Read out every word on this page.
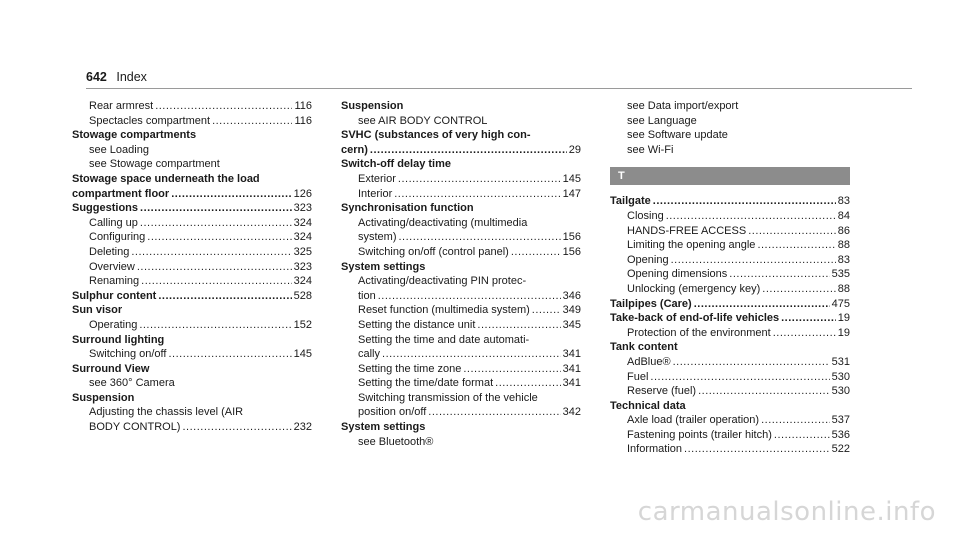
642 Index
Rear armrest .....	116
Spectacles compartment .....	116
Stowage compartments
see Loading
see Stowage compartment
Stowage space underneath the load
compartment floor .....	126
Suggestions .....	323
Calling up .....	324
Configuring .....	324
Deleting .....	325
Overview .....	323
Renaming .....	324
Sulphur content .....	528
Sun visor
Operating .....	152
Surround lighting
Switching on/off .....	145
Surround View
see 360° Camera
Suspension
Adjusting the chassis level (AIR
BODY CONTROL) .....	232
Suspension
see AIR BODY CONTROL
SVHC (substances of very high con-
cern) .....	29
Switch-off delay time
Exterior .....	145
Interior .....	147
Synchronisation function
Activating/deactivating (multimedia
system) .....	156
Switching on/off (control panel) .....	156
System settings
Activating/deactivating PIN protec-
tion .....	346
Reset function (multimedia system) .....	349
Setting the distance unit .....	345
Setting the time and date automati-
cally .....	341
Setting the time zone .....	341
Setting the time/date format .....	341
Switching transmission of the vehicle
position on/off .....	342
System settings
see Bluetooth®
see Data import/export
see Language
see Software update
see Wi-Fi
T
Tailgate .....	83
Closing .....	84
HANDS-FREE ACCESS .....	86
Limiting the opening angle .....	88
Opening .....	83
Opening dimensions .....	535
Unlocking (emergency key) .....	88
Tailpipes (Care) .....	475
Take-back of end-of-life vehicles .....	19
Protection of the environment .....	19
Tank content
AdBlue® .....	531
Fuel .....	530
Reserve (fuel) .....	530
Technical data
Axle load (trailer operation) .....	537
Fastening points (trailer hitch) .....	536
Information .....	522
carmanualsonline.info
